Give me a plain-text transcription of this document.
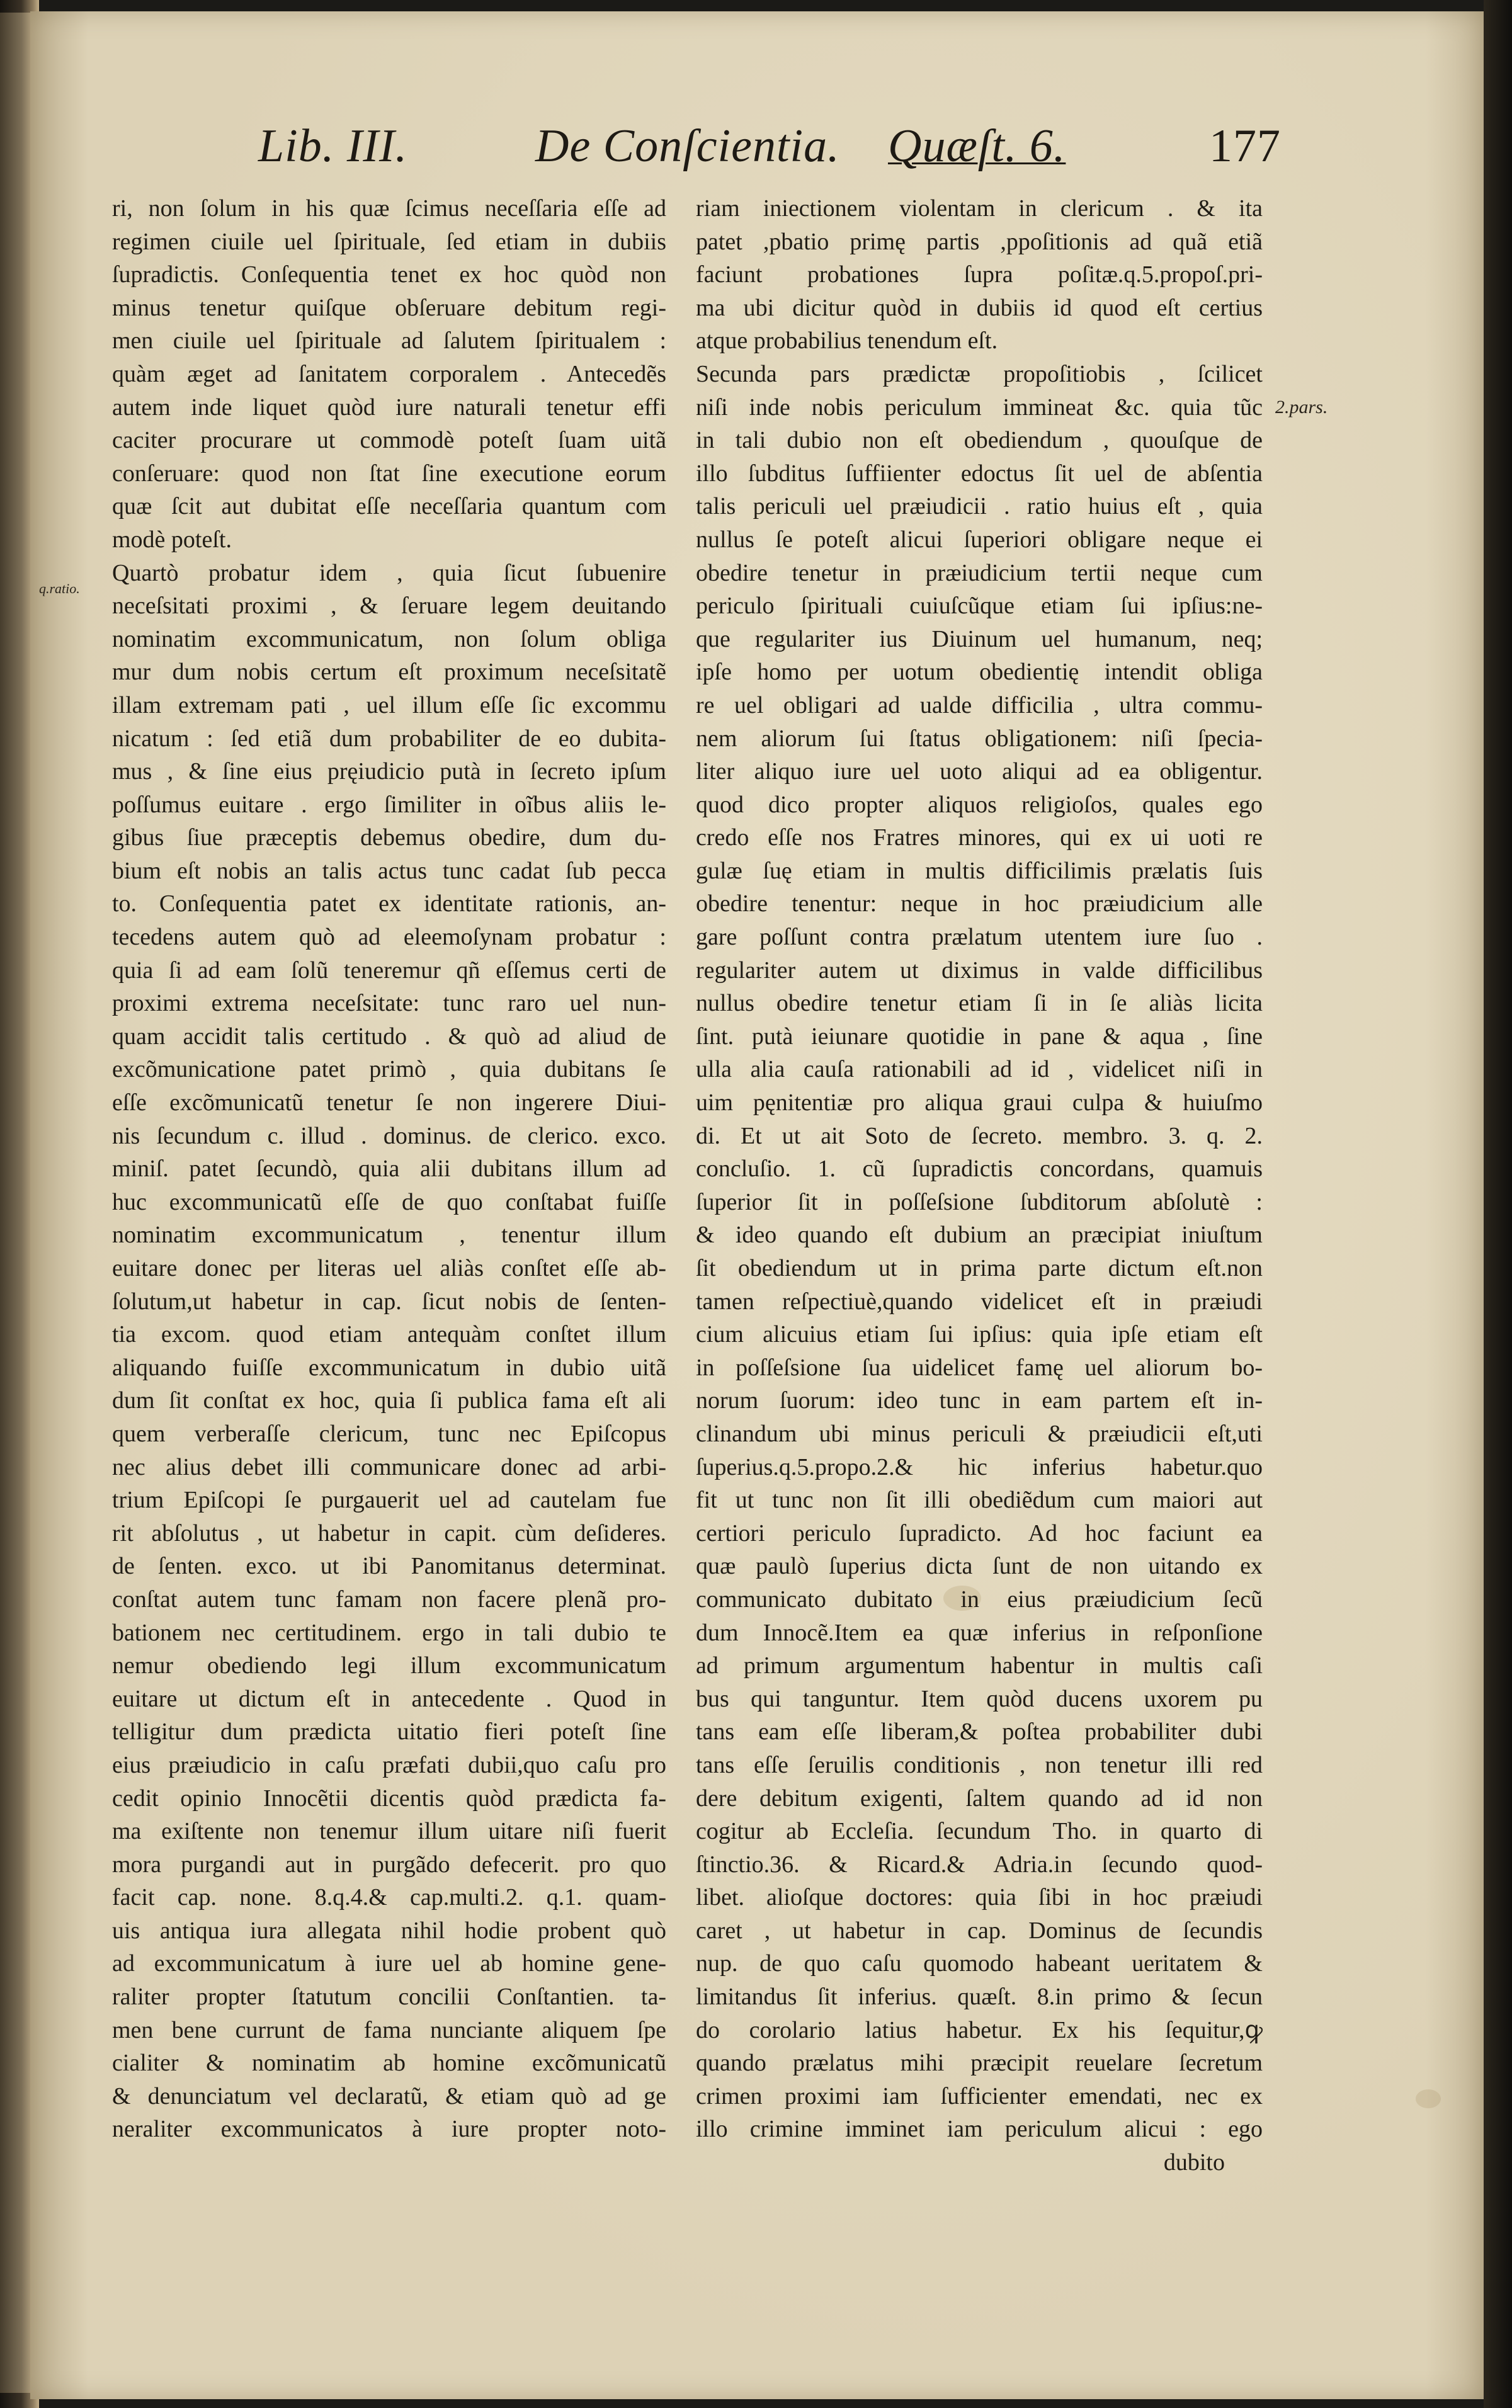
Lib. III.	De Conſcientia. Quæſt. 6.	177
2.pars.
q.ratio.
ri, non ſolum in his quæ ſcimus neceſſaria eſſe ad
regimen ciuile uel ſpirituale, ſed etiam in dubiis
ſupradictis. Conſequentia tenet ex hoc quòd non
minus tenetur quiſque obſeruare debitum regi-
men ciuile uel ſpirituale ad ſalutem ſpiritualem :
quàm æget ad ſanitatem corporalem . Antecedẽs
autem inde liquet quòd iure naturali tenetur effi
caciter procurare ut commodè poteſt ſuam uitã
conſeruare: quod non ſtat ſine executione eorum
quæ ſcit aut dubitat eſſe neceſſaria quantum com
modè poteſt.
Quartò probatur idem , quia ſicut ſubuenire
neceſsitati proximi , & ſeruare legem deuitando
nominatim excommunicatum, non ſolum obliga
mur dum nobis certum eſt proximum neceſsitatẽ
illam extremam pati , uel illum eſſe ſic excommu
nicatum : ſed etiã dum probabiliter de eo dubita-
mus , & ſine eius pręiudicio putà in ſecreto ipſum
poſſumus euitare . ergo ſimiliter in oĩbus aliis le-
gibus ſiue præceptis debemus obedire, dum du-
bium eſt nobis an talis actus tunc cadat ſub pecca
to. Conſequentia patet ex identitate rationis, an-
tecedens autem quò ad eleemoſynam probatur :
quia ſi ad eam ſolũ teneremur qñ eſſemus certi de
proximi extrema neceſsitate: tunc raro uel nun-
quam accidit talis certitudo . & quò ad aliud de
excõmunicatione patet primò , quia dubitans ſe
eſſe excõmunicatũ tenetur ſe non ingerere Diui-
nis ſecundum c. illud . dominus. de clerico. exco.
miniſ. patet ſecundò, quia alii dubitans illum ad
huc excommunicatũ eſſe de quo conſtabat fuiſſe
nominatim excommunicatum , tenentur illum
euitare donec per literas uel aliàs conſtet eſſe ab-
ſolutum,ut habetur in cap. ſicut nobis de ſenten-
tia excom. quod etiam antequàm conſtet illum
aliquando fuiſſe excommunicatum in dubio uitã
dum ſit conſtat ex hoc, quia ſi publica fama eſt ali
quem verberaſſe clericum, tunc nec Epiſcopus
nec alius debet illi communicare donec ad arbi-
trium Epiſcopi ſe purgauerit uel ad cautelam fue
rit abſolutus , ut habetur in capit. cùm deſideres.
de ſenten. exco. ut ibi Panomitanus determinat.
conſtat autem tunc famam non facere plenã pro-
bationem nec certitudinem. ergo in tali dubio te
nemur obediendo legi illum excommunicatum
euitare ut dictum eſt in antecedente . Quod in
telligitur dum prædicta uitatio fieri poteſt ſine
eius præiudicio in caſu præfati dubii,quo caſu pro
cedit opinio Innocẽtii dicentis quòd prædicta fa-
ma exiſtente non tenemur illum uitare niſi fuerit
mora purgandi aut in purgãdo defecerit. pro quo
facit cap. none. 8.q.4.& cap.multi.2. q.1. quam-
uis antiqua iura allegata nihil hodie probent quò
ad excommunicatum à iure uel ab homine gene-
raliter propter ſtatutum concilii Conſtantien. ta-
men bene currunt de fama nunciante aliquem ſpe
cialiter & nominatim ab homine excõmunicatũ
& denunciatum vel declaratũ, & etiam quò ad ge
neraliter excommunicatos à iure propter noto-
riam iniectionem violentam in clericum . & ita
patet ,pbatio primę partis ,ppoſitionis ad quã etiã
faciunt probationes ſupra poſitæ.q.5.propoſ.pri-
ma ubi dicitur quòd in dubiis id quod eſt certius
atque probabilius tenendum eſt.
Secunda pars prædictæ propoſitiobis , ſcilicet
niſi inde nobis periculum immineat &c. quia tũc
in tali dubio non eſt obediendum , quouſque de
illo ſubditus ſuffiienter edoctus ſit uel de abſentia
talis periculi uel præiudicii . ratio huius eſt , quia
nullus ſe poteſt alicui ſuperiori obligare neque ei
obedire tenetur in præiudicium tertii neque cum
periculo ſpirituali cuiuſcũque etiam ſui ipſius:ne-
que regulariter ius Diuinum uel humanum, neq;
ipſe homo per uotum obedientię intendit obliga
re uel obligari ad ualde difficilia , ultra commu-
nem aliorum ſui ſtatus obligationem: niſi ſpecia-
liter aliquo iure uel uoto aliqui ad ea obligentur.
quod dico propter aliquos religioſos, quales ego
credo eſſe nos Fratres minores, qui ex ui uoti re
gulæ ſuę etiam in multis difficilimis prælatis ſuis
obedire tenentur: neque in hoc præiudicium alle
gare poſſunt contra prælatum utentem iure ſuo .
regulariter autem ut diximus in valde difficilibus
nullus obedire tenetur etiam ſi in ſe aliàs licita
ſint. putà ieiunare quotidie in pane & aqua , ſine
ulla alia cauſa rationabili ad id , videlicet niſi in
uim pęnitentiæ pro aliqua graui culpa & huiuſmo
di. Et ut ait Soto de ſecreto. membro. 3. q. 2.
concluſio. 1. cũ ſupradictis concordans, quamuis
ſuperior ſit in poſſeſsione ſubditorum abſolutè :
& ideo quando eſt dubium an præcipiat iniuſtum
ſit obediendum ut in prima parte dictum eſt.non
tamen reſpectiuè,quando videlicet eſt in præiudi
cium alicuius etiam ſui ipſius: quia ipſe etiam eſt
in poſſeſsione ſua uidelicet famę uel aliorum bo-
norum ſuorum: ideo tunc in eam partem eſt in-
clinandum ubi minus periculi & præiudicii eſt,uti
ſuperius.q.5.propo.2.& hic inferius habetur.quo
fit ut tunc non ſit illi obediẽdum cum maiori aut
certiori periculo ſupradicto. Ad hoc faciunt ea
quæ paulò ſuperius dicta ſunt de non uitando ex
communicato dubitato in eius præiudicium ſecũ
dum Innocẽ.Item ea quæ inferius in reſponſione
ad primum argumentum habentur in multis caſi
bus qui tanguntur. Item quòd ducens uxorem pu
tans eam eſſe liberam,& poſtea probabiliter dubi
tans eſſe ſeruilis conditionis , non tenetur illi red
dere debitum exigenti, ſaltem quando ad id non
cogitur ab Eccleſia. ſecundum Tho. in quarto di
ſtinctio.36. & Ricard.& Adria.in ſecundo quod-
libet. alioſque doctores: quia ſibi in hoc præiudi
caret , ut habetur in cap. Dominus de ſecundis
nup. de quo caſu quomodo habeant ueritatem &
limitandus ſit inferius. quæſt. 8.in primo & ſecun
do corolario latius habetur. Ex his ſequitur,ꝙ
quando prælatus mihi præcipit reuelare ſecretum
crimen proximi iam ſufficienter emendati, nec ex
illo crimine imminet iam periculum alicui : ego
dubito
